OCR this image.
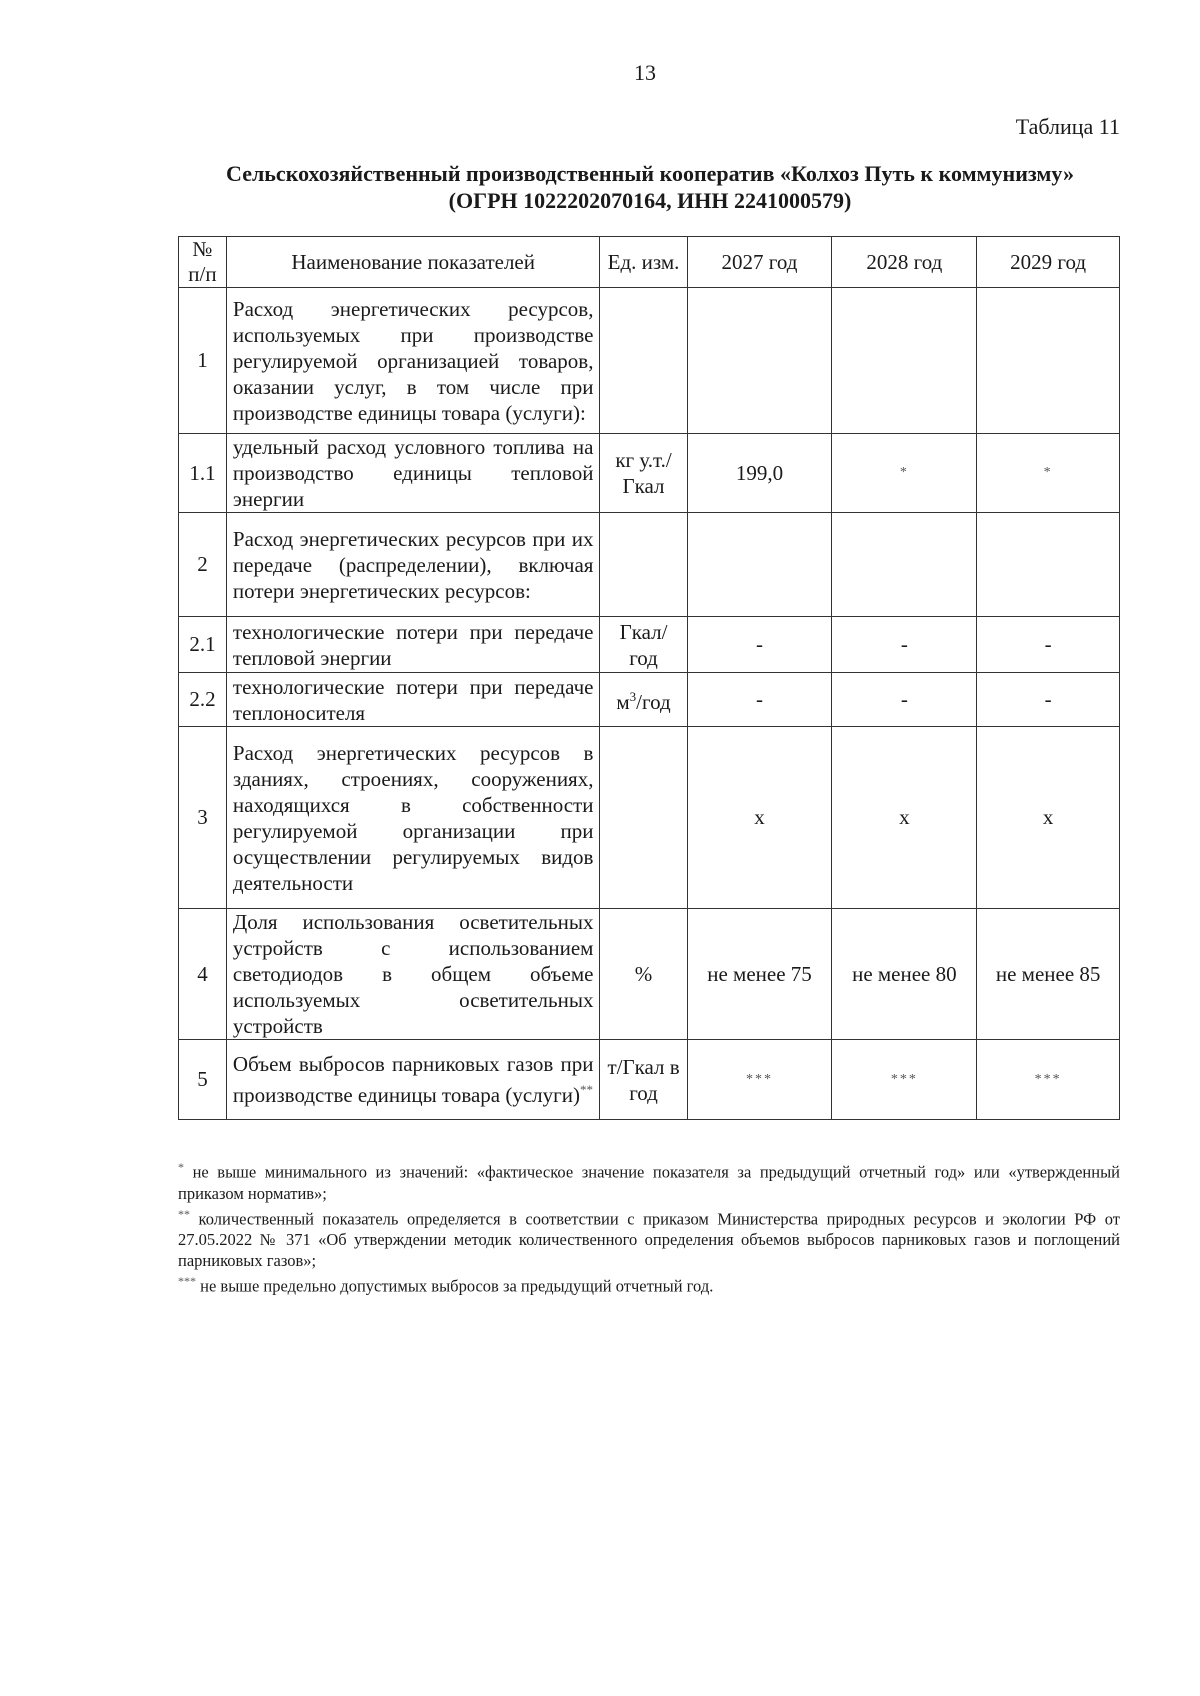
13
Таблица 11
Сельскохозяйственный производственный кооператив «Колхоз Путь к коммунизму»
(ОГРН 1022202070164, ИНН 2241000579)
№ п/п	Наименование показателей	Ед. изм.	2027 год	2028 год	2029 год
1	Расход энергетических ресурсов, используемых при производстве регулируемой организацией товаров, оказании услуг, в том числе при производстве единицы товара (услуги):				
1.1	удельный расход условного топлива на производство единицы тепловой энергии	кг у.т./ Гкал	199,0	*	*
2	Расход энергетических ресурсов при их передаче (распределении), включая потери энергетических ресурсов:				
2.1	технологические потери при передаче тепловой энергии	Гкал/ год	-	-	-
2.2	технологические потери при передаче теплоносителя	$м^3$/год	-	-	-
3	Расход энергетических ресурсов в зданиях, строениях, сооружениях, находящихся в собственности регулируемой организации при осуществлении регулируемых видов деятельности		х	х	х
4	Доля использования осветительных устройств с использованием светодиодов в общем объеме используемых осветительных устройств	%	не менее 75	не менее 80	не менее 85
5	Объем выбросов парниковых газов при производстве единицы товара (услуги)**	т/Гкал в год	***	***	***

* не выше минимального из значений: «фактическое значение показателя за предыдущий отчетный год» или «утвержденный приказом норматив»;

** количественный показатель определяется в соответствии с приказом Министерства природных ресурсов и экологии РФ от 27.05.2022 № 371 «Об утверждении методик количественного определения объемов выбросов парниковых газов и поглощений парниковых газов»;

*** не выше предельно допустимых выбросов за предыдущий отчетный год.
